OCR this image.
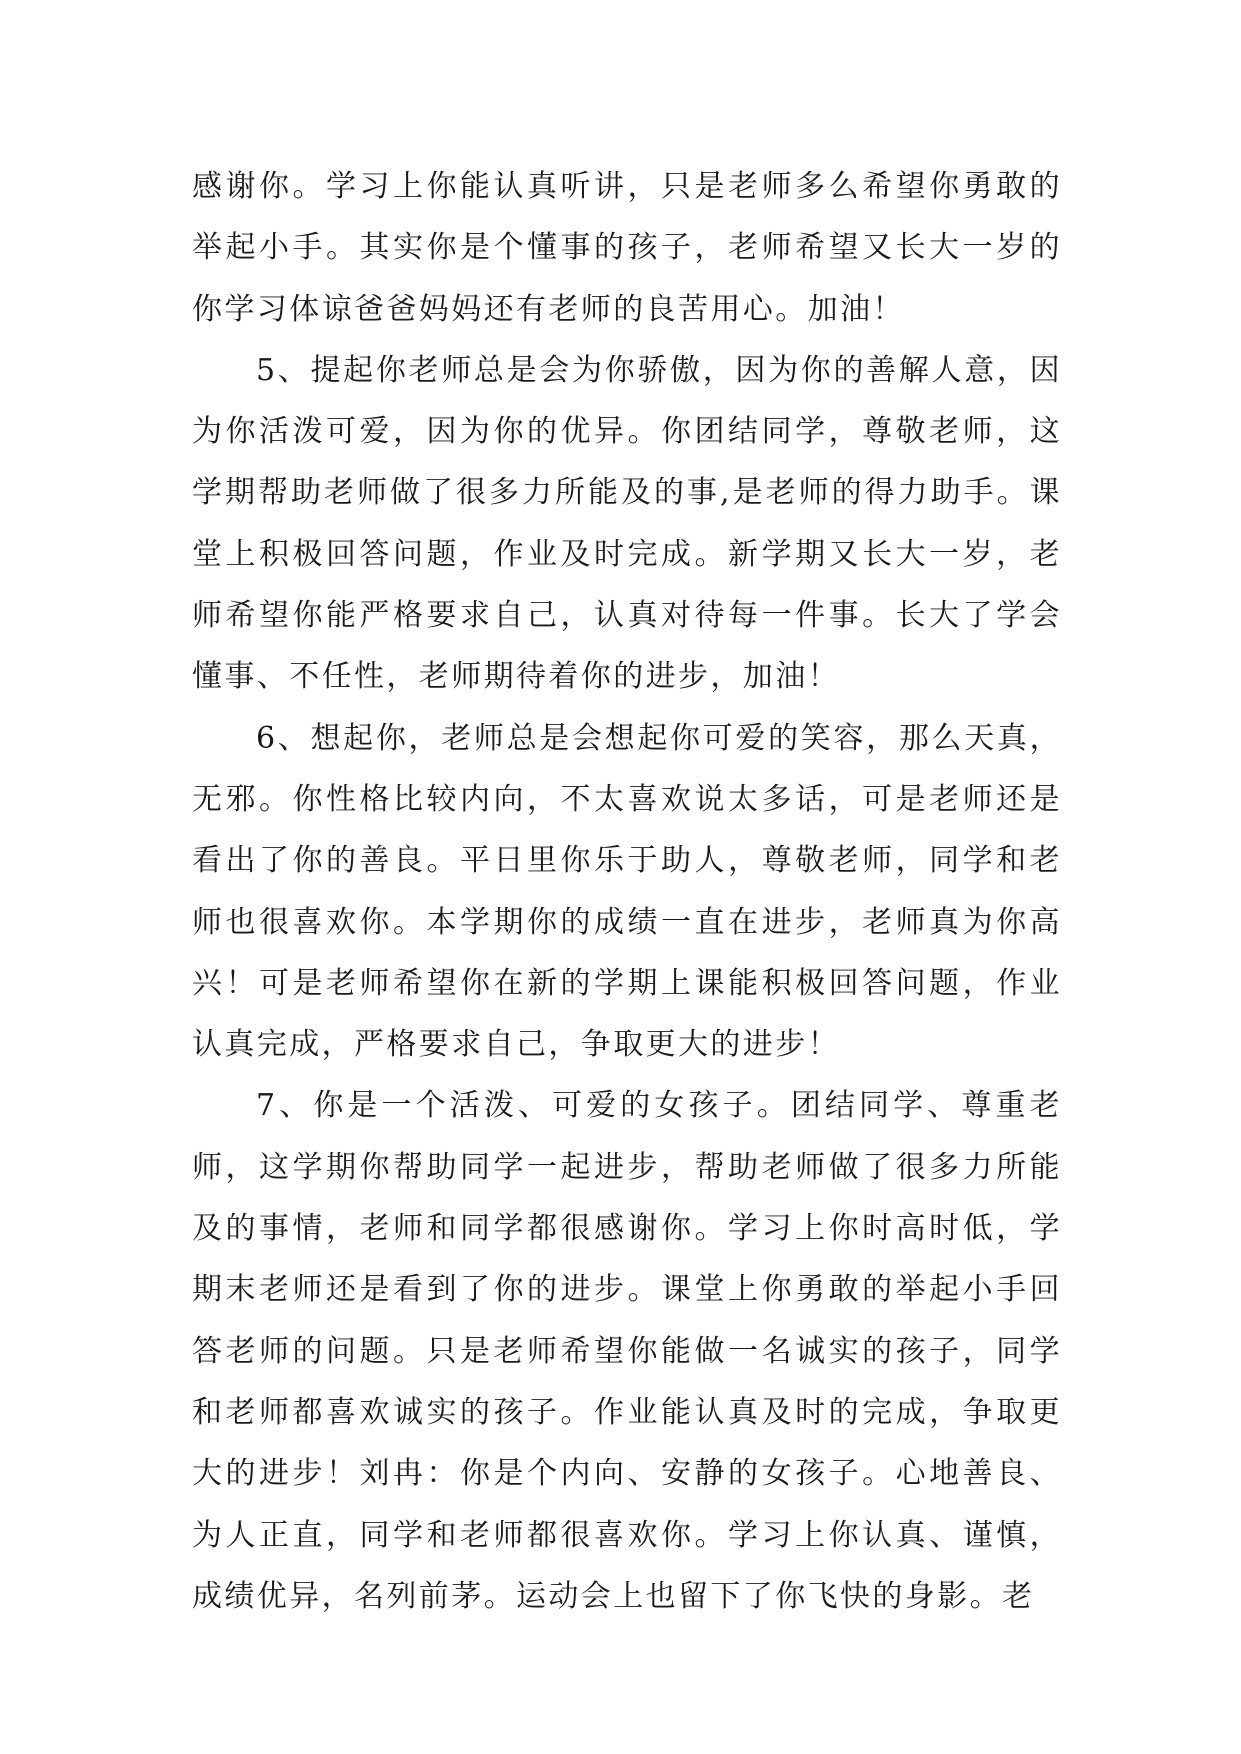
感谢你。学习上你能认真听讲，只是老师多么希望你勇敢的举起小手。其实你是个懂事的孩子，老师希望又长大一岁的你学习体谅爸爸妈妈还有老师的良苦用心。加油！

5、提起你老师总是会为你骄傲，因为你的善解人意，因为你活泼可爱，因为你的优异。你团结同学，尊敬老师，这学期帮助老师做了很多力所能及的事,是老师的得力助手。课堂上积极回答问题，作业及时完成。新学期又长大一岁，老师希望你能严格要求自己，认真对待每一件事。长大了学会懂事、不任性，老师期待着你的进步，加油！

6、想起你，老师总是会想起你可爱的笑容，那么天真，无邪。你性格比较内向，不太喜欢说太多话，可是老师还是看出了你的善良。平日里你乐于助人，尊敬老师，同学和老师也很喜欢你。本学期你的成绩一直在进步，老师真为你高兴！可是老师希望你在新的学期上课能积极回答问题，作业认真完成，严格要求自己，争取更大的进步！

7、你是一个活泼、可爱的女孩子。团结同学、尊重老师，这学期你帮助同学一起进步，帮助老师做了很多力所能及的事情，老师和同学都很感谢你。学习上你时高时低，学期末老师还是看到了你的进步。课堂上你勇敢的举起小手回答老师的问题。只是老师希望你能做一名诚实的孩子，同学和老师都喜欢诚实的孩子。作业能认真及时的完成，争取更大的进步！刘冉：你是个内向、安静的女孩子。心地善良、为人正直，同学和老师都很喜欢你。学习上你认真、谨慎，成绩优异，名列前茅。运动会上也留下了你飞快的身影。老
